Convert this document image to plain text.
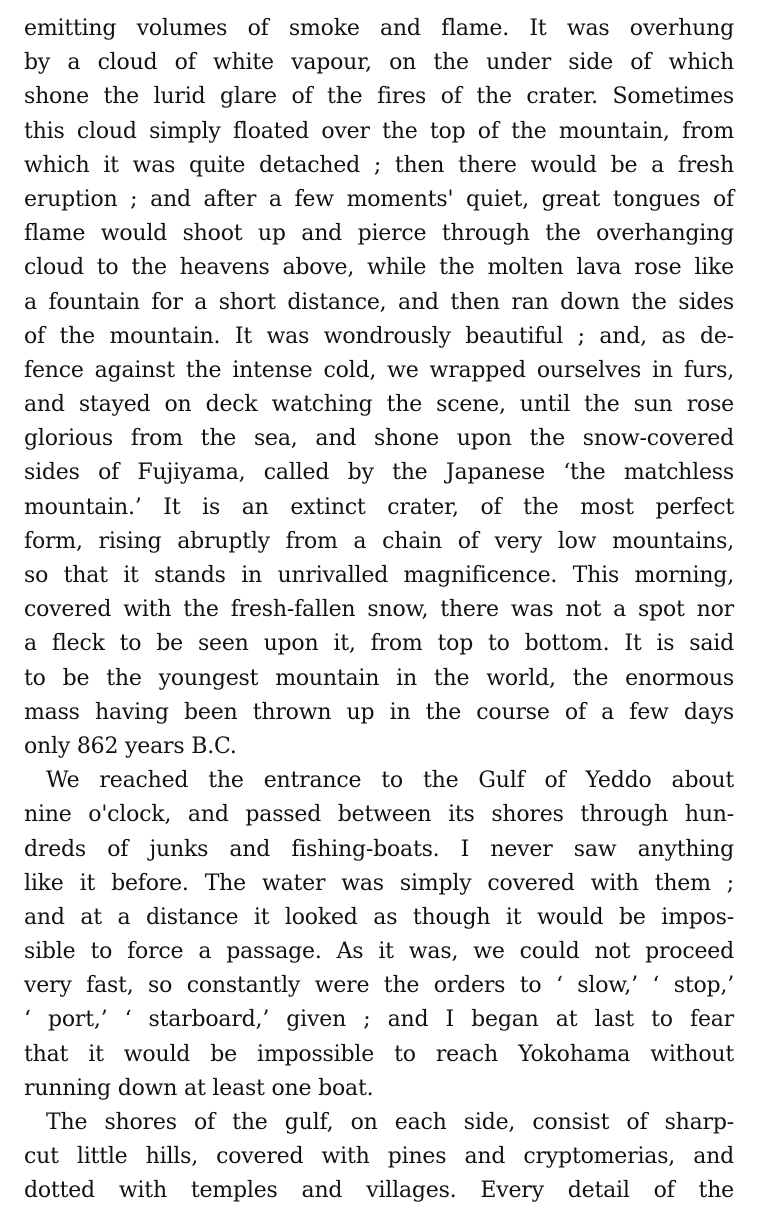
emitting volumes of smoke and flame. It was overhung
by a cloud of white vapour, on the under side of which
shone the lurid glare of the fires of the crater. Sometimes
this cloud simply floated over the top of the mountain, from
which it was quite detached ; then there would be a fresh
eruption ; and after a few moments' quiet, great tongues of
flame would shoot up and pierce through the overhanging
cloud to the heavens above, while the molten lava rose like
a fountain for a short distance, and then ran down the sides
of the mountain. It was wondrously beautiful ; and, as de-
fence against the intense cold, we wrapped ourselves in furs,
and stayed on deck watching the scene, until the sun rose
glorious from the sea, and shone upon the snow-covered
sides of Fujiyama, called by the Japanese ‘the matchless
mountain.’ It is an extinct crater, of the most perfect
form, rising abruptly from a chain of very low mountains,
so that it stands in unrivalled magnificence. This morning,
covered with the fresh-fallen snow, there was not a spot nor
a fleck to be seen upon it, from top to bottom. It is said
to be the youngest mountain in the world, the enormous
mass having been thrown up in the course of a few days
only 862 years B.C.
We reached the entrance to the Gulf of Yeddo about
nine o'clock, and passed between its shores through hun-
dreds of junks and fishing-boats. I never saw anything
like it before. The water was simply covered with them ;
and at a distance it looked as though it would be impos-
sible to force a passage. As it was, we could not proceed
very fast, so constantly were the orders to ‘ slow,’ ‘ stop,’
‘ port,’ ‘ starboard,’ given ; and I began at last to fear
that it would be impossible to reach Yokohama without
running down at least one boat.
The shores of the gulf, on each side, consist of sharp-
cut little hills, covered with pines and cryptomerias, and
dotted with temples and villages. Every detail of the
